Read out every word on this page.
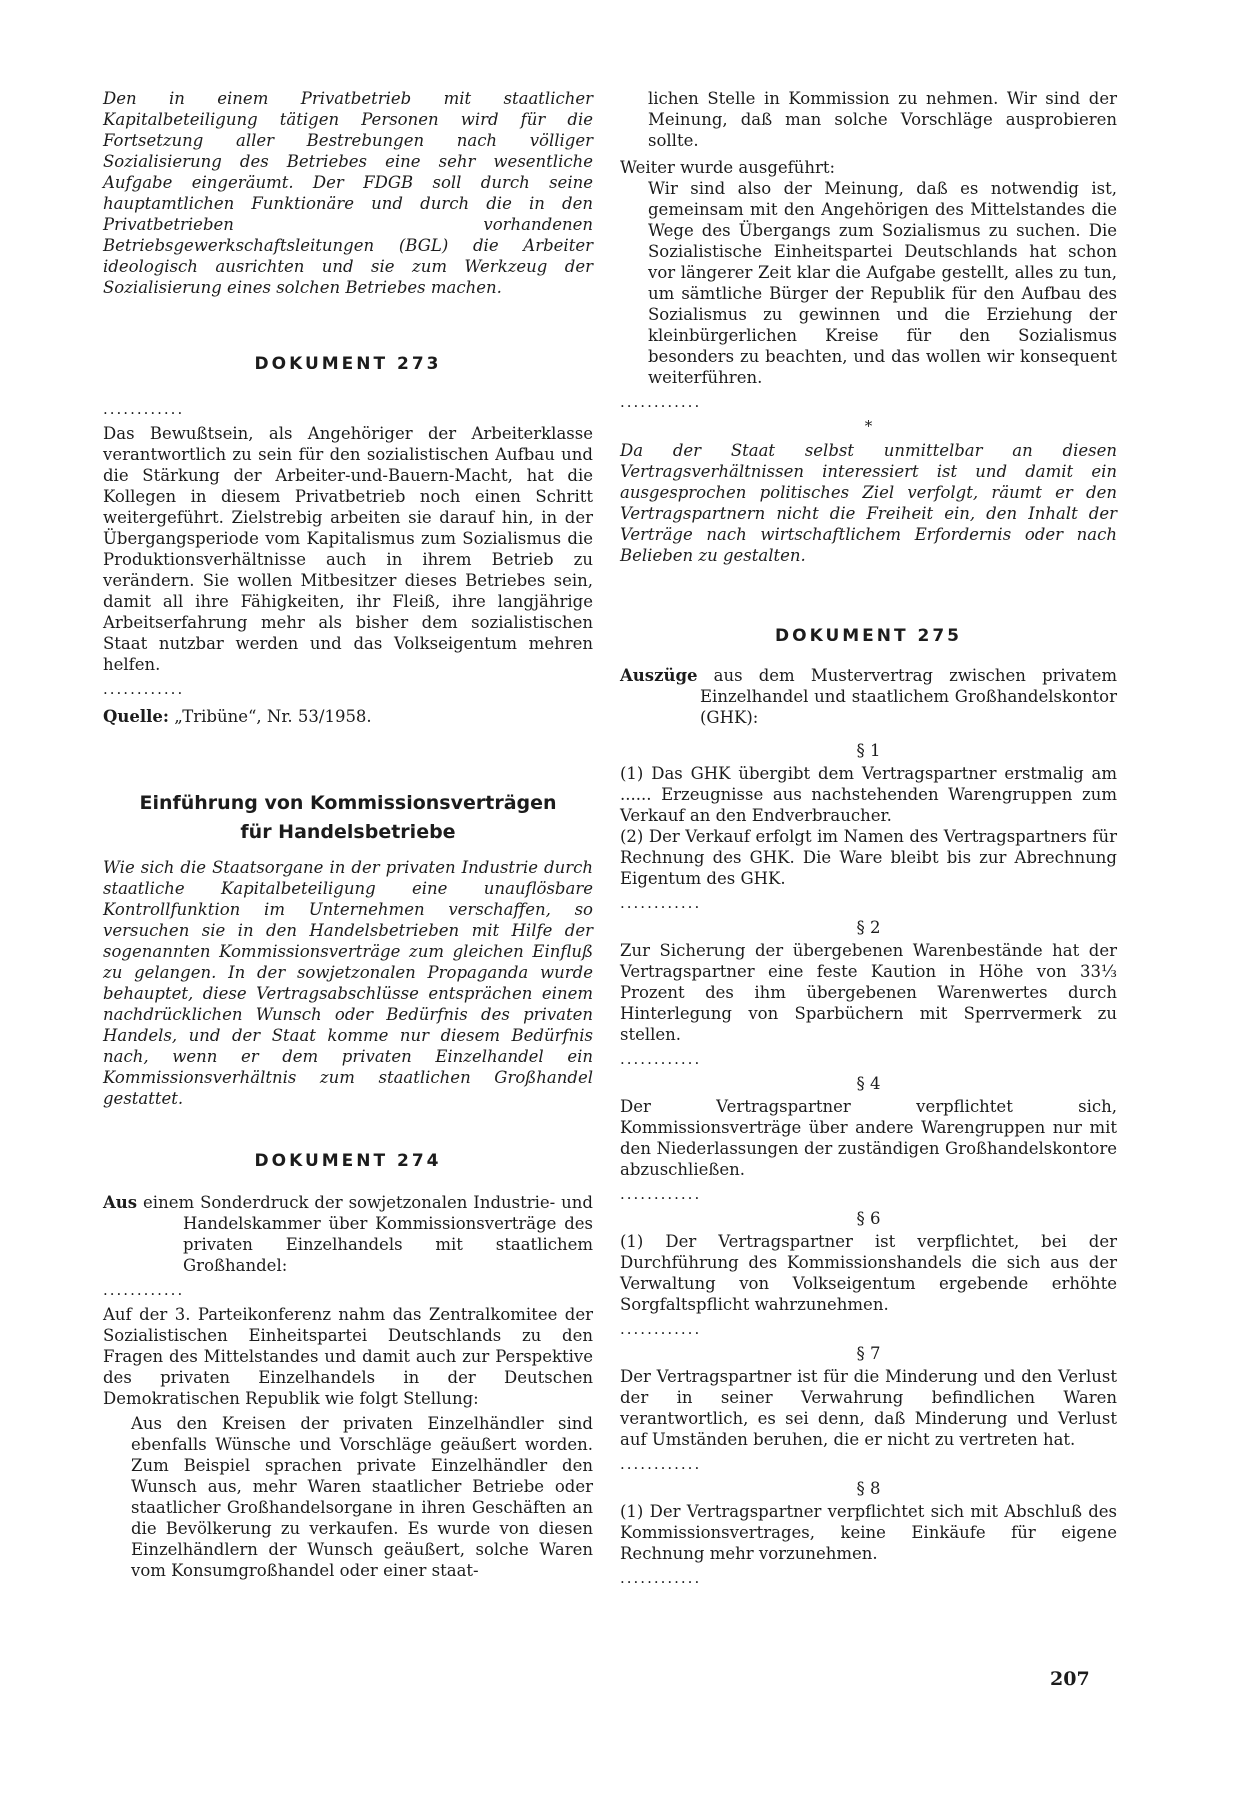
Den in einem Privatbetrieb mit staatlicher Kapitalbeteiligung tätigen Personen wird für die Fortsetzung aller Bestrebungen nach völliger Sozialisierung des Betriebes eine sehr wesentliche Aufgabe eingeräumt. Der FDGB soll durch seine hauptamtlichen Funktionäre und durch die in den Privatbetrieben vorhandenen Betriebsgewerkschaftsleitungen (BGL) die Arbeiter ideologisch ausrichten und sie zum Werkzeug der Sozialisierung eines solchen Betriebes machen.

DOKUMENT 273

............

Das Bewußtsein, als Angehöriger der Arbeiterklasse verantwortlich zu sein für den sozialistischen Aufbau und die Stärkung der Arbeiter-und-Bauern-Macht, hat die Kollegen in diesem Privatbetrieb noch einen Schritt weitergeführt. Zielstrebig arbeiten sie darauf hin, in der Übergangsperiode vom Kapitalismus zum Sozialismus die Produktionsverhältnisse auch in ihrem Betrieb zu verändern. Sie wollen Mitbesitzer dieses Betriebes sein, damit all ihre Fähigkeiten, ihr Fleiß, ihre langjährige Arbeitserfahrung mehr als bisher dem sozialistischen Staat nutzbar werden und das Volkseigentum mehren helfen.

............

Quelle: „Tribüne“, Nr. 53/1958.

Einführung von Kommissionsverträgen
für Handelsbetriebe

Wie sich die Staatsorgane in der privaten Industrie durch staatliche Kapitalbeteiligung eine unauflösbare Kontrollfunktion im Unternehmen verschaffen, so versuchen sie in den Handelsbetrieben mit Hilfe der sogenannten Kommissionsverträge zum gleichen Einfluß zu gelangen. In der sowjetzonalen Propaganda wurde behauptet, diese Vertragsabschlüsse entsprächen einem nachdrücklichen Wunsch oder Bedürfnis des privaten Handels, und der Staat komme nur diesem Bedürfnis nach, wenn er dem privaten Einzelhandel ein Kommissionsverhältnis zum staatlichen Großhandel gestattet.

DOKUMENT 274

Aus einem Sonderdruck der sowjetzonalen Industrie- und Handelskammer über Kommissionsverträge des privaten Einzelhandels mit staatlichem Großhandel:

............

Auf der 3. Parteikonferenz nahm das Zentralkomitee der Sozialistischen Einheitspartei Deutschlands zu den Fragen des Mittelstandes und damit auch zur Perspektive des privaten Einzelhandels in der Deutschen Demokratischen Republik wie folgt Stellung:

Aus den Kreisen der privaten Einzelhändler sind ebenfalls Wünsche und Vorschläge geäußert worden. Zum Beispiel sprachen private Einzelhändler den Wunsch aus, mehr Waren staatlicher Betriebe oder staatlicher Großhandelsorgane in ihren Geschäften an die Bevölkerung zu verkaufen. Es wurde von diesen Einzelhändlern der Wunsch geäußert, solche Waren vom Konsumgroßhandel oder einer staat-

lichen Stelle in Kommission zu nehmen. Wir sind der Meinung, daß man solche Vorschläge ausprobieren sollte.

Weiter wurde ausgeführt:

Wir sind also der Meinung, daß es notwendig ist, gemeinsam mit den Angehörigen des Mittelstandes die Wege des Übergangs zum Sozialismus zu suchen. Die Sozialistische Einheitspartei Deutschlands hat schon vor längerer Zeit klar die Aufgabe gestellt, alles zu tun, um sämtliche Bürger der Republik für den Aufbau des Sozialismus zu gewinnen und die Erziehung der kleinbürgerlichen Kreise für den Sozialismus besonders zu beachten, und das wollen wir konsequent weiterführen.

............

*

Da der Staat selbst unmittelbar an diesen Vertragsverhältnissen interessiert ist und damit ein ausgesprochen politisches Ziel verfolgt, räumt er den Vertragspartnern nicht die Freiheit ein, den Inhalt der Verträge nach wirtschaftlichem Erfordernis oder nach Belieben zu gestalten.

DOKUMENT 275

Auszüge aus dem Mustervertrag zwischen privatem Einzelhandel und staatlichem Großhandelskontor (GHK):

§ 1

(1) Das GHK übergibt dem Vertragspartner erstmalig am ...... Erzeugnisse aus nachstehenden Warengruppen zum Verkauf an den Endverbraucher.

(2) Der Verkauf erfolgt im Namen des Vertragspartners für Rechnung des GHK. Die Ware bleibt bis zur Abrechnung Eigentum des GHK.

............

§ 2

Zur Sicherung der übergebenen Warenbestände hat der Vertragspartner eine feste Kaution in Höhe von 33⅓ Prozent des ihm übergebenen Warenwertes durch Hinterlegung von Sparbüchern mit Sperrvermerk zu stellen.

............

§ 4

Der Vertragspartner verpflichtet sich, Kommissionsverträge über andere Warengruppen nur mit den Niederlassungen der zuständigen Großhandelskontore abzuschließen.

............

§ 6

(1) Der Vertragspartner ist verpflichtet, bei der Durchführung des Kommissionshandels die sich aus der Verwaltung von Volkseigentum ergebende erhöhte Sorgfaltspflicht wahrzunehmen.

............

§ 7

Der Vertragspartner ist für die Minderung und den Verlust der in seiner Verwahrung befindlichen Waren verantwortlich, es sei denn, daß Minderung und Verlust auf Umständen beruhen, die er nicht zu vertreten hat.

............

§ 8

(1) Der Vertragspartner verpflichtet sich mit Abschluß des Kommissionsvertrages, keine Einkäufe für eigene Rechnung mehr vorzunehmen.

............

207
